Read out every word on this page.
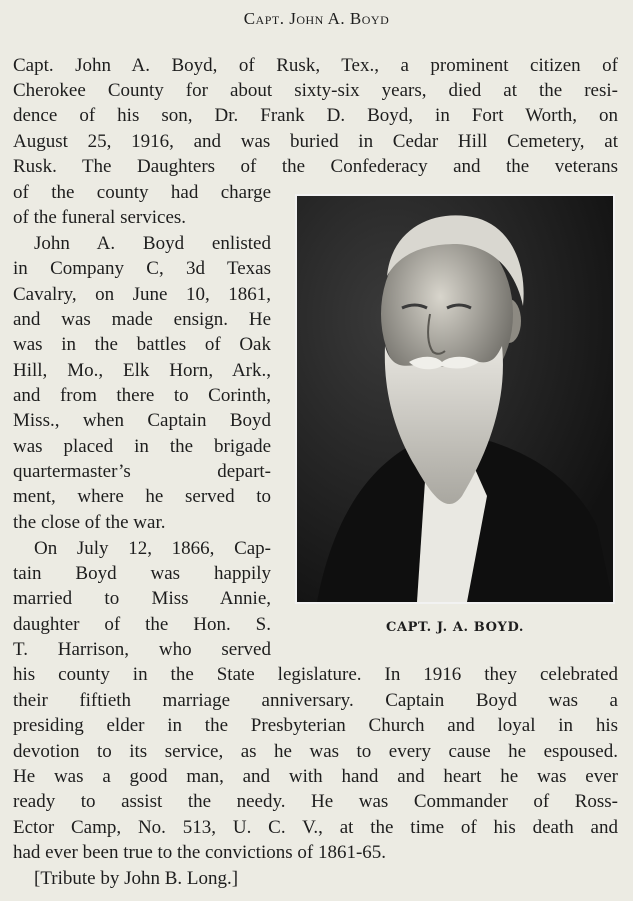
Capt. John A. Boyd
Capt. John A. Boyd, of Rusk, Tex., a prominent citizen of
Cherokee County for about sixty-six years, died at the resi-
dence of his son, Dr. Frank D. Boyd, in Fort Worth, on
August 25, 1916, and was buried in Cedar Hill Cemetery, at
Rusk. The Daughters of the Confederacy and the veterans
of the county had charge
of the funeral services.
John A. Boyd enlisted
in Company C, 3d Texas
Cavalry, on June 10, 1861,
and was made ensign. He
was in the battles of Oak
Hill, Mo., Elk Horn, Ark.,
and from there to Corinth,
Miss., when Captain Boyd
was placed in the brigade
quartermaster’s depart-
ment, where he served to
the close of the war.
On July 12, 1866, Cap-
tain Boyd was happily
married to Miss Annie,
daughter of the Hon. S.
T. Harrison, who served
his county in the State legislature. In 1916 they celebrated
their fiftieth marriage anniversary. Captain Boyd was a
presiding elder in the Presbyterian Church and loyal in his
devotion to its service, as he was to every cause he espoused.
He was a good man, and with hand and heart he was ever
ready to assist the needy. He was Commander of Ross-
Ector Camp, No. 513, U. C. V., at the time of his death and
had ever been true to the convictions of 1861-65.
[Tribute by John B. Long.]
CAPT. J. A. BOYD.
